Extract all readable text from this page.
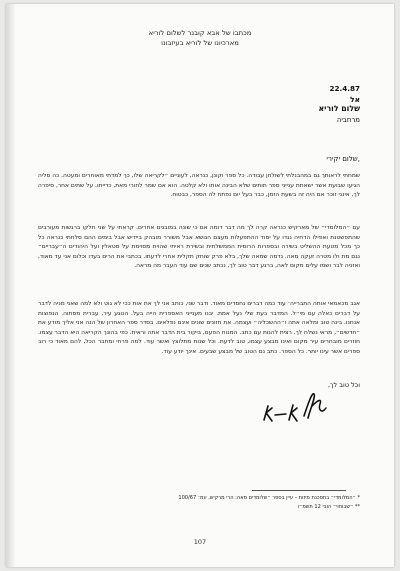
מכתבו של אבא קובנר לשלום לוריא
מארכיונו של לוריא בעיזבונו
22.4.87
אל
שלום לוריא
מרחביה
שלום יקירי,
שמחתי לראותך גם במהבנלתי לשולחן עבודה. כל ספר וקונן, כנראה, לעוניים ״לקריאה שלו, כך למדתי מאוחרים ומעטה. כה סליה הגיעו שבועת אשר ישאתת ענייני ספר תותים שלא הבינה אותו ולא קלטה. הוא אם שמר לחורי מאת, כדייתו. על שתים אחר, סיפרה לך, אינני זוכר אם היה זה בשעת הזמן, כבר בעל יום נפתח לה הספר, כבטוח.
עם ״המלומדי״ של מארקיש כנראה קרה לך מה דבר דומה אם כי שונה במובנים אחרים. קראתי על שני חלקו ברגשות מעורבים שהתפשטנת ואפילו הדחיה נגדו על יסוד ההתפעלות מעצם הנושא אבל משורר מובהק ביידיש אבל בימים ההם סלחתי כנראה כל כך מכל מטעת ההשליט בשירה ובספרות הרוסית הממשלתית ובשירת ראיתי שהוית מסוימת על סטאלין ועל היהודים ה״עבריים״ נגם מת ולו מטרה זעקה מאה. נדמה שמאה שלך, בלא פרק שוחק תקלית אחרי לדעתו. בכתבי את הרים בעדו וכלום אני עד מאוד, ואזניה לבר ושמו עלים מקום לאה, ברגע דבר טוב לך, נכתב שנים שם עוד העבר מה מראה.
אגב מכאמאי אותה התברייה׳ עוד כמה דברים נחסדים מאוד. ודבר שני, כותב אני לך את אות ככי לא גוט ולא למה שאני מניה לדבר על דברים כאלה עם מי״ל. המדבר בעת שלי נעל אמת. יבנו מענייני האספרית הייה בעל. הנוגע עיר, עברית מסתוה. הנפוצות אנחנו. בינה טוב ומלאה אתה ו״ההשכליה״ ועצמה. את חזונים שונים אינם נפלאים. בסדר ספר האחרון של הנה אני אליך מודע את ״חדשים״, מראי נשלח לך. רצית להנות עם כתב. המנוח הפעם, ביקור בית הדבר אתה וראית. כפי בהונך הקריאה היא הדבר עצמו. חוזרים מובחרים עיר מקום ואינו מבצע עצמו, טוב לדעת. וכל שנות מתלוצץ ואשר עוד. למה פרחי ומחבר הכל, להם מאוד כי רוב ספרים אשר עינו יותר. כל הספר. כתב נם הטוב של מבצע שבעים. אינך יודע עוד.
וכל טוב לך,
* ״המלומדי״ בתסכנת מיזות – עיין בספר ״שלומדים מאה: הרי מרקיש, עמ׳ 100/67
** ״שבוחוי״ הובי 12 תשמ״ו
107
